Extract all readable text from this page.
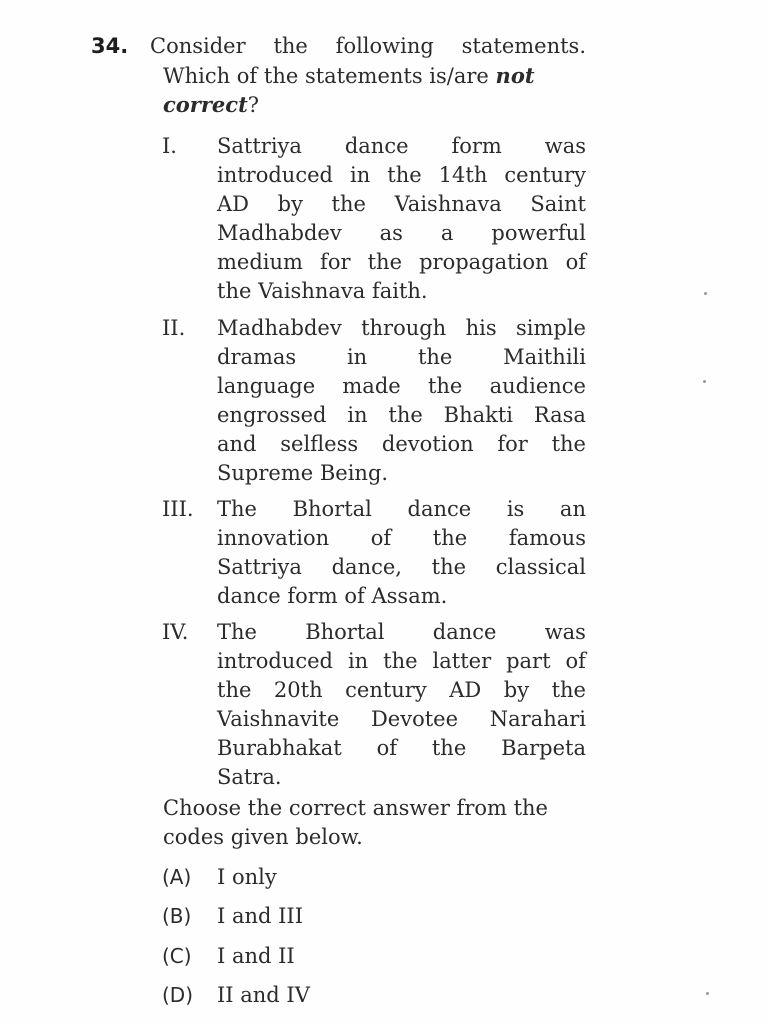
34. Consider the following statements.
Which of the statements is/are not
correct?
I. Sattriya dance form was
introduced in the 14th century
AD by the Vaishnava Saint
Madhabdev as a powerful
medium for the propagation of
the Vaishnava faith.
II. Madhabdev through his simple
dramas in the Maithili
language made the audience
engrossed in the Bhakti Rasa
and selfless devotion for the
Supreme Being.
III. The Bhortal dance is an
innovation of the famous
Sattriya dance, the classical
dance form of Assam.
IV. The Bhortal dance was
introduced in the latter part of
the 20th century AD by the
Vaishnavite Devotee Narahari
Burabhakat of the Barpeta
Satra.
Choose the correct answer from the
codes given below.
(A) I only
(B) I and III
(C) I and II
(D) II and IV
